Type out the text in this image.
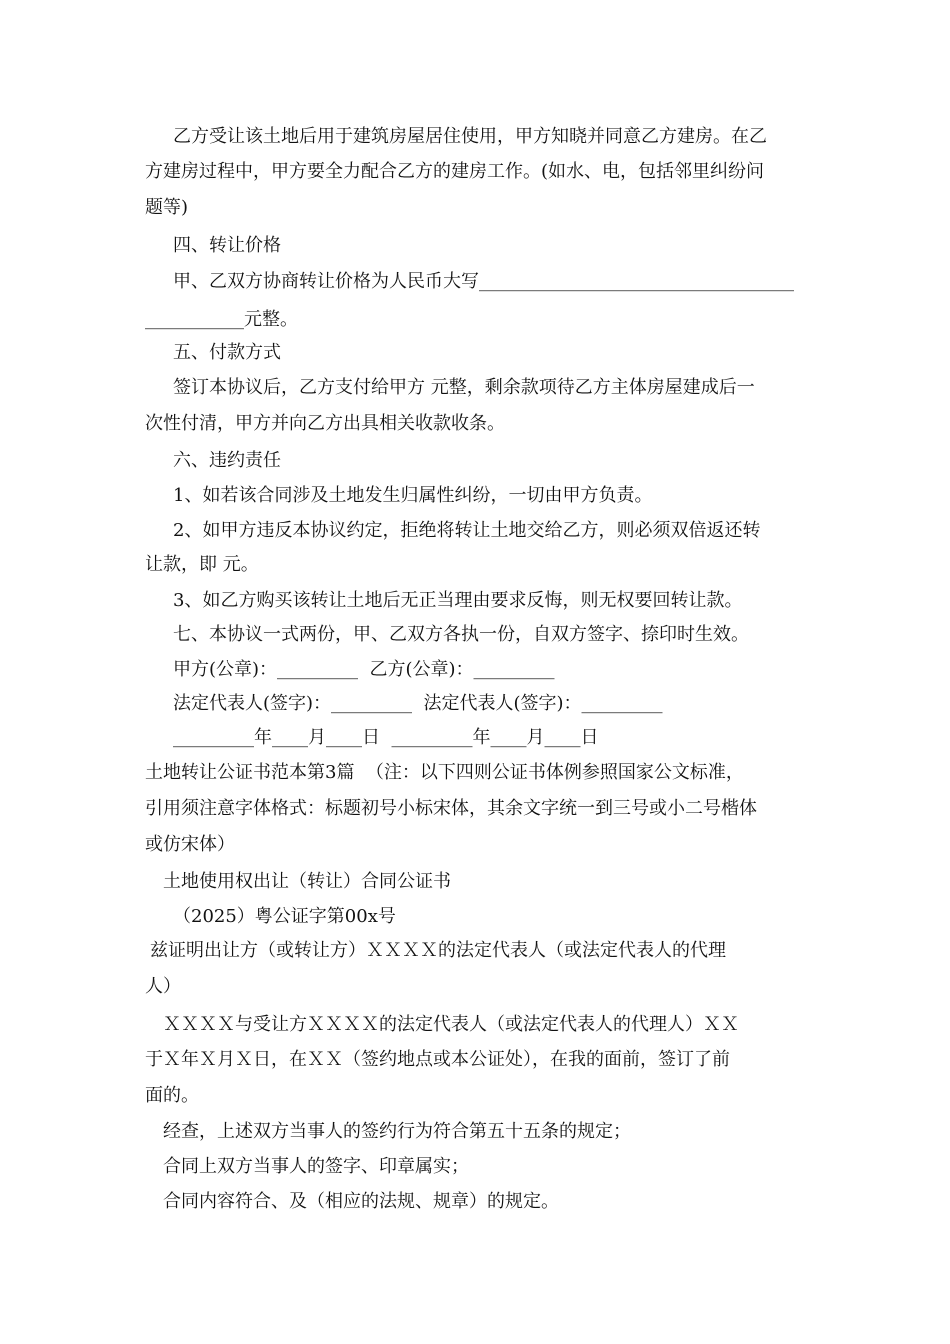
乙方受让该土地后用于建筑房屋居住使用，甲方知晓并同意乙方建房。在乙
方建房过程中，甲方要全力配合乙方的建房工作。(如水、电，包括邻里纠纷问
题等)
四、转让价格
甲、乙双方协商转让价格为人民币大写___________________________________
___________元整。
五、付款方式
签订本协议后，乙方支付给甲方 元整，剩余款项待乙方主体房屋建成后一
次性付清，甲方并向乙方出具相关收款收条。
六、违约责任
1、如若该合同涉及土地发生归属性纠纷，一切由甲方负责。
2、如甲方违反本协议约定，拒绝将转让土地交给乙方，则必须双倍返还转
让款，即 元。
3、如乙方购买该转让土地后无正当理由要求反悔，则无权要回转让款。
七、本协议一式两份，甲、乙双方各执一份，自双方签字、捺印时生效。
甲方(公章)：_________  乙方(公章)：_________
法定代表人(签字)：_________  法定代表人(签字)：_________
_________年____月____日  _________年____月____日
土地转让公证书范本第3篇  （注：以下四则公证书体例参照国家公文标准，
引用须注意字体格式：标题初号小标宋体，其余文字统一到三号或小二号楷体
或仿宋体）
土地使用权出让（转让）合同公证书
（2025）粤公证字第00x号
兹证明出让方（或转让方）ＸＸＸＸ的法定代表人（或法定代表人的代理
人）
ＸＸＸＸ与受让方ＸＸＸＸ的法定代表人（或法定代表人的代理人）ＸＸ
于Ｘ年Ｘ月Ｘ日，在ＸＸ（签约地点或本公证处），在我的面前，签订了前
面的。
经查，上述双方当事人的签约行为符合第五十五条的规定；
合同上双方当事人的签字、印章属实；
合同内容符合、及（相应的法规、规章）的规定。
